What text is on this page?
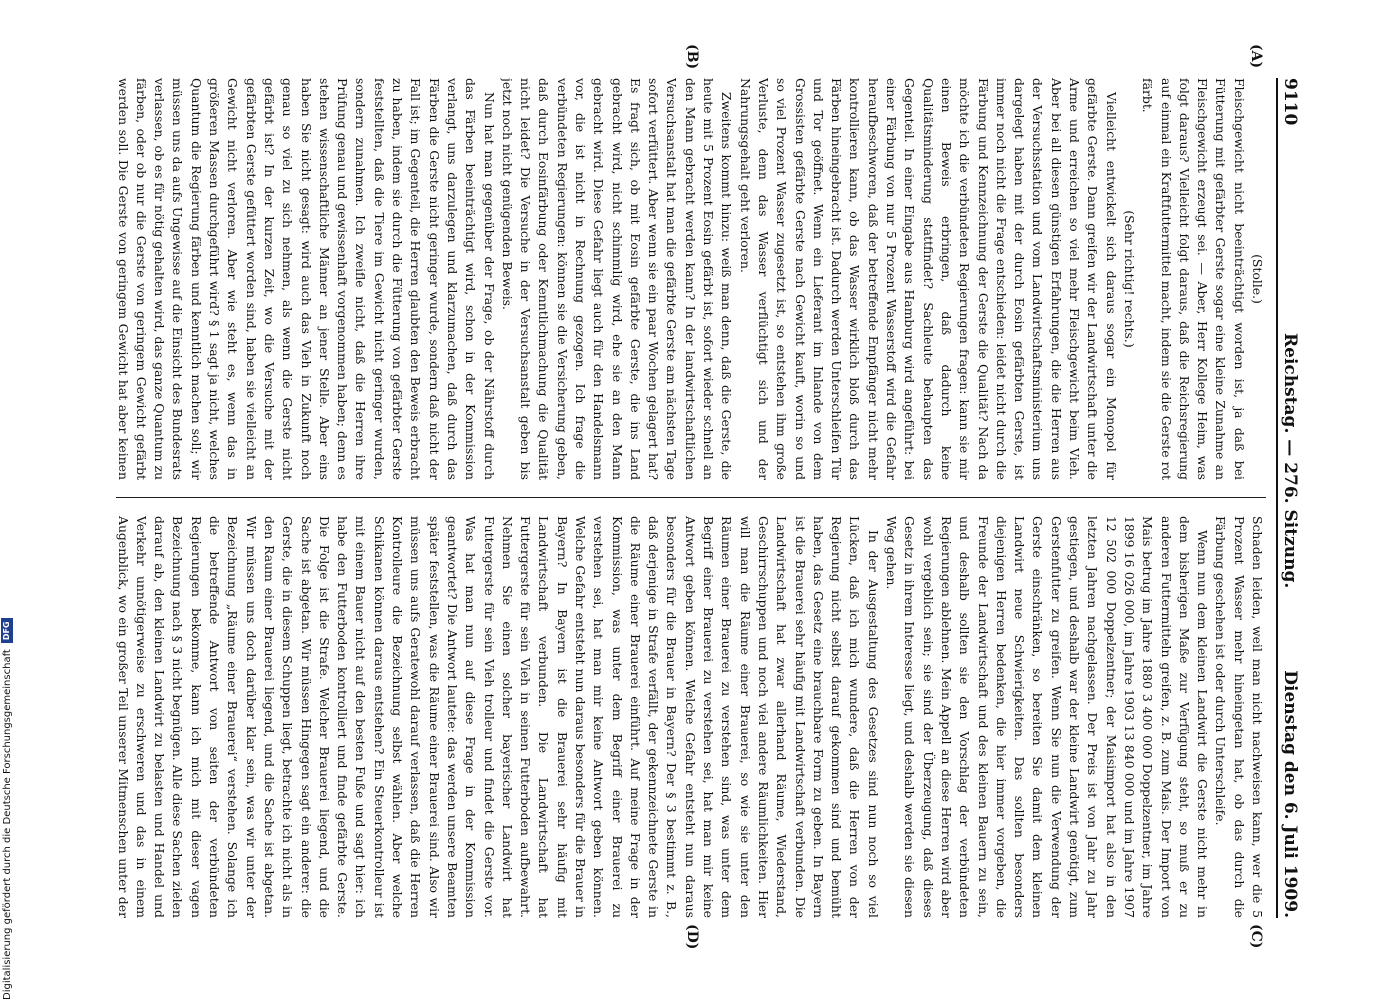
9110
Reichstag. — 276. Sitzung.
Dienstag den 6. Juli 1909.
(A)
(B)
(C)
(D)

(Stolle.)

Fleischgewicht nicht beeinträchtigt worden ist, ja daß bei Fütterung mit gefärbter Gerste sogar eine kleine Zunahme an Fleischgewicht erzeugt sei. — Aber, Herr Kollege Heim, was folgt daraus? Vielleicht folgt daraus, daß die Reichsregierung auf einmal ein Kraftfuttermittel macht, indem sie die Gerste rot färbt.

(Sehr richtig! rechts.)

Vielleicht entwickelt sich daraus sogar ein Monopol für gefärbte Gerste. Dann greifen wir der Landwirtschaft unter die Arme und erreichen so viel mehr Fleischgewicht beim Vieh. Aber bei all diesen günstigen Erfahrungen, die die Herren aus der Versuchsstation und vom Landwirtschaftsministerium uns dargelegt haben mit der durch Eosin gefärbten Gerste, ist immer noch nicht die Frage entschieden: leidet nicht durch die Färbung und Kennzeichnung der Gerste die Qualität? Nach da möchte ich die verbündeten Regierungen fragen: kann sie mir einen Beweis erbringen, daß dadurch keine Qualitätsminderung stattfindet? Sachleute behaupten das Gegenteil. In einer Eingabe aus Hamburg wird angeführt: bei einer Färbung von nur 5 Prozent Wasserstoff wird die Gefahr heraufbeschworen, daß der betreffende Empfänger nicht mehr kontrollieren kann, ob das Wasser wirklich bloß durch das Färben hineingebracht ist. Dadurch werden Unterschleifen Tür und Tor geöffnet. Wenn ein Lieferant im Inlande von dem Grossisten gefärbte Gerste nach Gewicht kauft, worin so und so viel Prozent Wasser zugesetzt ist, so entstehen ihm große Verluste, denn das Wasser verflüchtigt sich und der Nahrungsgehalt geht verloren.

Zweitens kommt hinzu: weiß man denn, daß die Gerste, die heute mit 5 Prozent Eosin gefärbt ist, sofort wieder schnell an den Mann gebracht werden kann? In der landwirtschaftlichen Versuchsanstalt hat man die gefärbte Gerste am nächsten Tage sofort verfüttert. Aber wenn sie ein paar Wochen gelagert hat? Es fragt sich, ob mit Eosin gefärbte Gerste, die ins Land gebracht wird, nicht schimmlig wird, ehe sie an den Mann gebracht wird. Diese Gefahr liegt auch für den Handelsmann vor, die ist nicht in Rechnung gezogen. Ich frage die verbündeten Regierungen: können sie die Versicherung geben, daß durch Eosinfärbung oder Kenntlichmachung die Qualität nicht leidet? Die Versuche in der Versuchsanstalt geben bis jetzt noch nicht genügenden Beweis.

Nun hat man gegenüber der Frage, ob der Nährstoff durch das Färben beeinträchtigt wird, schon in der Kommission verlangt, uns darzulegen und klarzumachen, daß durch das Färben die Gerste nicht geringer wurde, sondern daß nicht der Fall ist; im Gegenteil, die Herren glaubten den Beweis erbracht zu haben, indem sie durch die Fütterung von gefärbter Gerste feststellten, daß die Tiere im Gewicht nicht geringer wurden, sondern zunahmen. Ich zweifle nicht, daß die Herren ihre Prüfung genau und gewissenhaft vorgenommen haben; denn es stehen wissenschaftliche Männer an jener Stelle. Aber eins haben Sie nicht gesagt: wird auch das Vieh in Zukunft noch genau so viel zu sich nehmen, als wenn die Gerste nicht gefärbt ist? In der kurzen Zeit, wo die Versuche mit der gefärbten Gerste gefüttert worden sind, haben sie vielleicht an Gewicht nicht verloren. Aber wie steht es, wenn das in größeren Massen durchgeführt wird? § 1 sagt ja nicht, welches Quantum die Regierung färben und kenntlich machen soll; wir müssen uns da aufs Ungewisse auf die Einsicht des Bundesrats verlassen, ob es für nötig gehalten wird, das ganze Quantum zu färben, oder ob nur die Gerste von geringem Gewicht gefärbt werden soll. Die Gerste von geringem Gewicht hat aber keinen

Schaden leiden, weil man nicht nachweisen kann, wer die 5 Prozent Wasser mehr hineingetan hat, ob das durch die Färbung geschehen ist oder durch Unterschleife.

Wenn nun dem kleinen Landwirt die Gerste nicht mehr in dem bisherigen Maße zur Verfügung steht, so muß er zu anderen Futtermitteln greifen, z. B. zum Mais. Der Import von Mais betrug im Jahre 1880 3 400 000 Doppelzentner, im Jahre 1899 16 026 000, im Jahre 1903 13 840 000 und im Jahre 1907 12 502 000 Doppelzentner; der Maisimport hat also in den letzten Jahren nachgelassen. Der Preis ist von Jahr zu Jahr gestiegen, und deshalb war der kleine Landwirt genötigt, zum Gerstenfutter zu greifen. Wenn Sie nun die Verwendung der Gerste einschränken, so bereiten Sie damit dem kleinen Landwirt neue Schwierigkeiten. Das sollten besonders diejenigen Herren bedenken, die hier immer vorgeben, die Freunde der Landwirtschaft und des kleinen Bauern zu sein, und deshalb sollten sie den Vorschlag der verbündeten Regierungen ablehnen. Mein Appell an diese Herren wird aber wohl vergeblich sein; sie sind der Überzeugung, daß dieses Gesetz in ihrem Interesse liegt, und deshalb werden sie diesen Weg gehen.

In der Ausgestaltung des Gesetzes sind nun noch so viel Lücken, daß ich mich wundere, daß die Herren von der Regierung nicht selbst darauf gekommen sind und bemüht haben, das Gesetz eine brauchbare Form zu geben. In Bayern ist die Brauerei sehr häufig mit Landwirtschaft verbunden. Die Landwirtschaft hat zwar allerhand Räume, Wiederstand, Geschirrschuppen und noch viel andere Räumlichkeiten. Hier will man die Räume einer Brauerei, so wie sie unter den Räumen einer Brauerei zu verstehen sind, was unter dem Begriff einer Brauerei zu verstehen sei, hat man mir keine Antwort geben können. Welche Gefahr entsteht nun daraus besonders für die Brauer in Bayern? Der § 3 bestimmt z. B., daß derjenige in Strafe verfällt, der gekennzeichnete Gerste in die Räume einer Brauerei einführt. Auf meine Frage in der Kommission, was unter dem Begriff einer Brauerei zu verstehen sei, hat man mir keine Antwort geben können. Welche Gefahr entsteht nun daraus besonders für die Brauer in Bayern? In Bayern ist die Brauerei sehr häufig mit Landwirtschaft verbunden. Die Landwirtschaft hat Futtergerste für sein Vieh in seinen Futterboden aufbewahrt. Nehmen Sie einen solcher bayerischer Landwirt hat Futtergerste für sein Vieh trolleur und findet die Gerste vor. Was hat man nun auf diese Frage in der Kommission geantwortet? Die Antwort lautete: das werden unsere Beamten später feststellen, was die Räume einer Brauerei sind. Also wir müssen uns aufs Geratewohl darauf verlassen, daß die Herren Kontrolleure die Bezeichnung selbst wählen. Aber welche Schikanen können daraus entstehen? Ein Steuerkontrolleur ist mit einem Bauer nicht auf den besten Fuße und sagt hier: ich habe den Futterboden kontrolliert und finde gefärbte Gerste. Die Folge ist die Strafe. Welcher Brauerei liegend, und die Sache ist abgetan. Wir müssen Hingegen sagt ein anderer: die Gerste, die in diesem Schuppen liegt, betrachte ich nicht als in den Raum einer Brauerei liegend, und die Sache ist abgetan. Wir müssen uns doch darüber klar sein, was wir unter der Bezeichnung „Räume einer Brauerei“ verstehen. Solange ich die betreffende Antwort von seiten der verbündeten Regierungen bekomme, kann ich mich mit dieser vagen Bezeichnung nach § 3 nicht begnügen. Alle diese Sachen zielen darauf ab, den kleinen Landwirt zu belasten und Handel und Verkehr unnötigerweise zu erschweren und das in einem Augenblick, wo ein großer Teil unserer Mitmenschen unter der

Digitalisierung gefördert durch die Deutsche ForschungsgemeinschaftDFG
